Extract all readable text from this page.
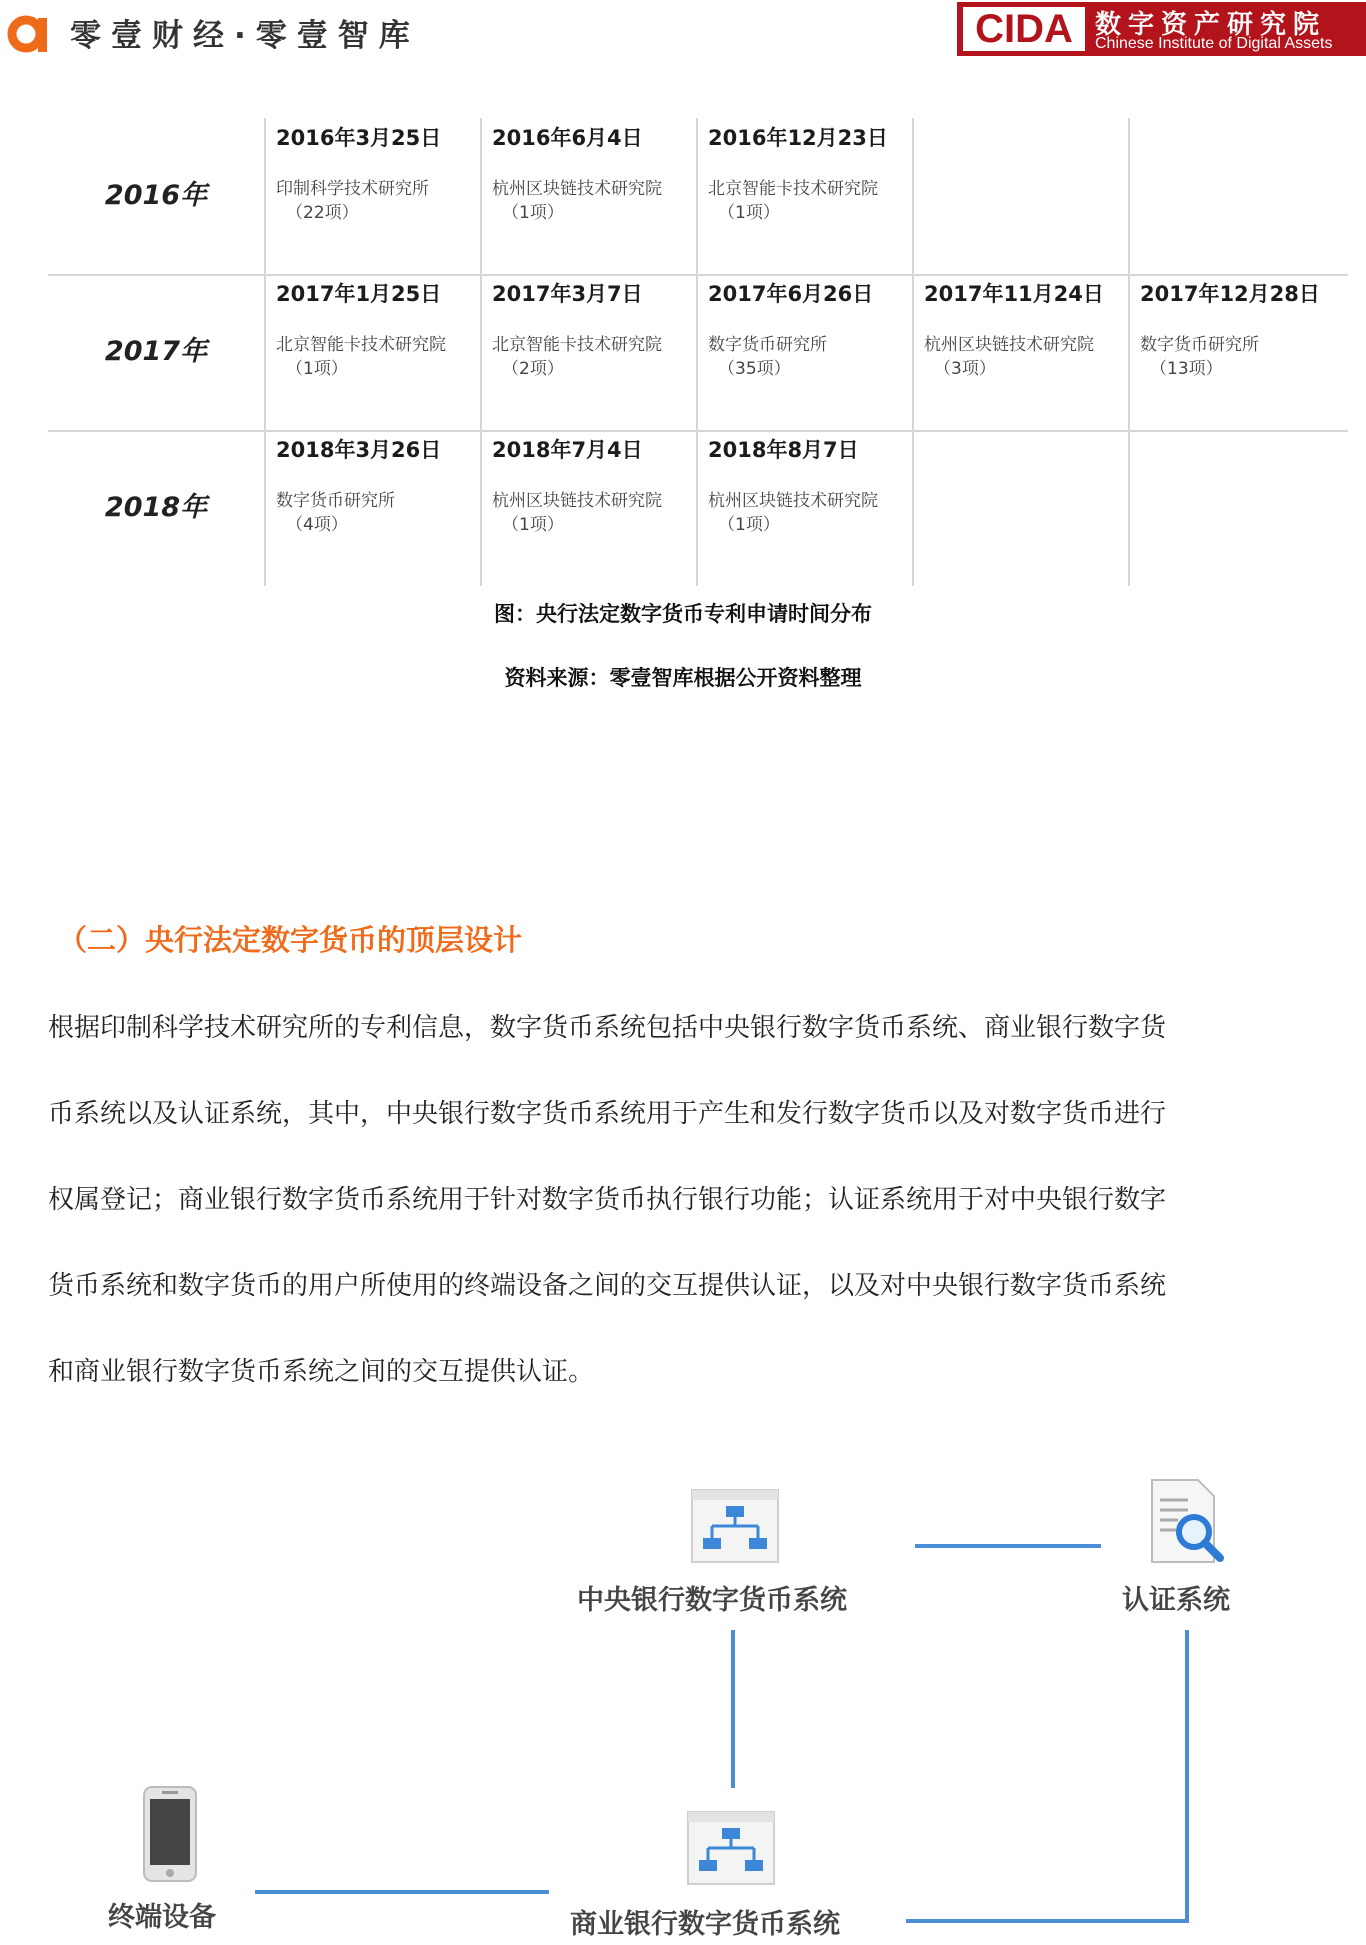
零壹财经·零壹智库	CIDA 数字资产研究院
Chinese Institute of Digital Assets
2016年
2016年3月25日
印制科学技术研究所
（22项）
2016年6月4日
杭州区块链技术研究院
（1项）
2016年12月23日
北京智能卡技术研究院
（1项）
2017年
2017年1月25日
北京智能卡技术研究院
（1项）
2017年3月7日
北京智能卡技术研究院
（2项）
2017年6月26日
数字货币研究所
（35项）
2017年11月24日
杭州区块链技术研究院
（3项）
2017年12月28日
数字货币研究所
（13项）
2018年
2018年3月26日
数字货币研究所
（4项）
2018年7月4日
杭州区块链技术研究院
（1项）
2018年8月7日
杭州区块链技术研究院
（1项）
图：央行法定数字货币专利申请时间分布
资料来源：零壹智库根据公开资料整理
（二）央行法定数字货币的顶层设计
根据印制科学技术研究所的专利信息，数字货币系统包括中央银行数字货币系统、商业银行数字货
币系统以及认证系统，其中，中央银行数字货币系统用于产生和发行数字货币以及对数字货币进行
权属登记；商业银行数字货币系统用于针对数字货币执行银行功能；认证系统用于对中央银行数字
货币系统和数字货币的用户所使用的终端设备之间的交互提供认证，以及对中央银行数字货币系统
和商业银行数字货币系统之间的交互提供认证。
中央银行数字货币系统	认证系统
终端设备	商业银行数字货币系统
